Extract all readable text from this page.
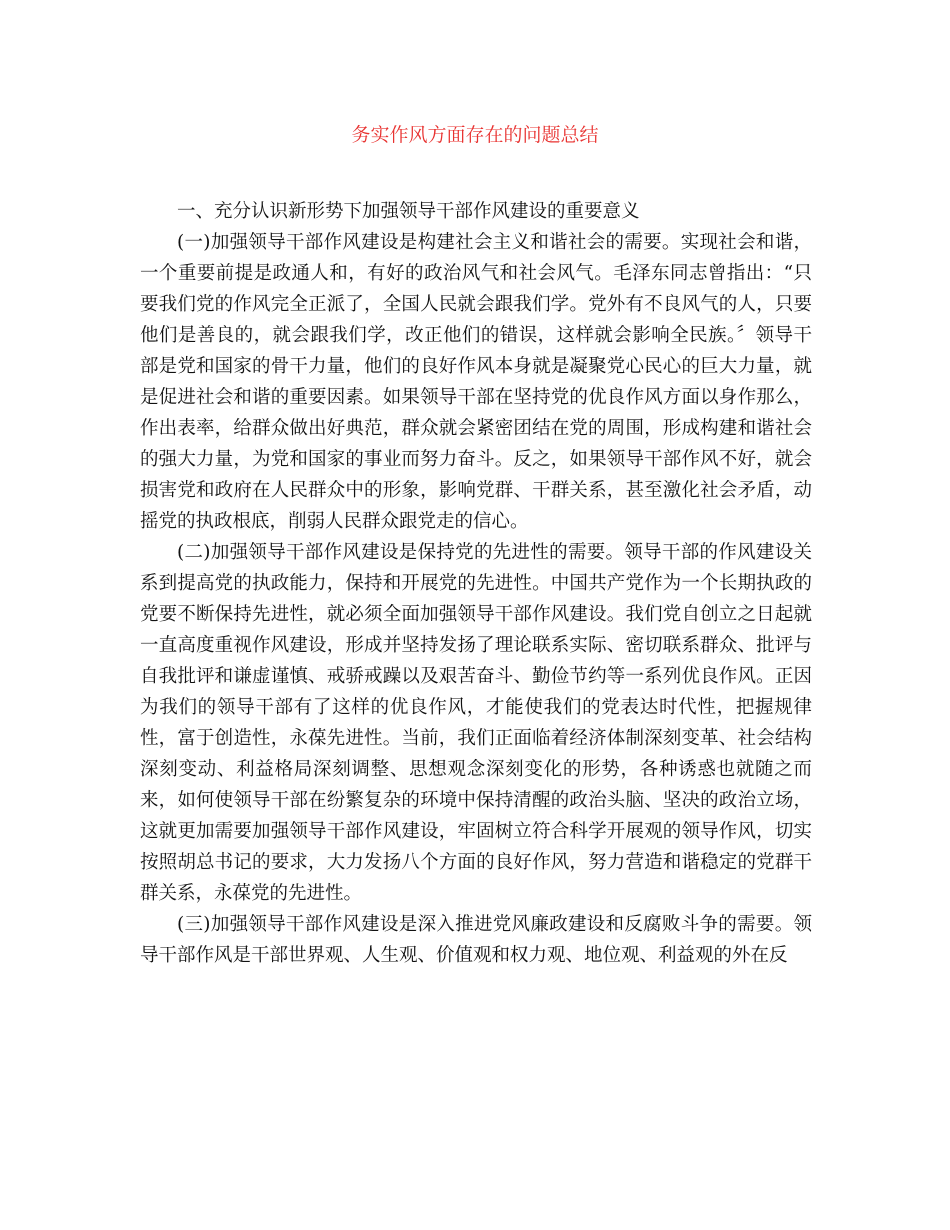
务实作风方面存在的问题总结

一、充分认识新形势下加强领导干部作风建设的重要意义

(一)加强领导干部作风建设是构建社会主义和谐社会的需要。实现社会和谐，一个重要前提是政通人和，有好的政治风气和社会风气。毛泽东同志曾指出：“只要我们党的作风完全正派了，全国人民就会跟我们学。党外有不良风气的人，只要他们是善良的，就会跟我们学，改正他们的错误，这样就会影响全民族。〞领导干部是党和国家的骨干力量，他们的良好作风本身就是凝聚党心民心的巨大力量，就是促进社会和谐的重要因素。如果领导干部在坚持党的优良作风方面以身作那么，作出表率，给群众做出好典范，群众就会紧密团结在党的周围，形成构建和谐社会的强大力量，为党和国家的事业而努力奋斗。反之，如果领导干部作风不好，就会损害党和政府在人民群众中的形象，影响党群、干群关系，甚至激化社会矛盾，动摇党的执政根底，削弱人民群众跟党走的信心。

(二)加强领导干部作风建设是保持党的先进性的需要。领导干部的作风建设关系到提高党的执政能力，保持和开展党的先进性。中国共产党作为一个长期执政的党要不断保持先进性，就必须全面加强领导干部作风建设。我们党自创立之日起就一直高度重视作风建设，形成并坚持发扬了理论联系实际、密切联系群众、批评与自我批评和谦虚谨慎、戒骄戒躁以及艰苦奋斗、勤俭节约等一系列优良作风。正因为我们的领导干部有了这样的优良作风，才能使我们的党表达时代性，把握规律性，富于创造性，永葆先进性。当前，我们正面临着经济体制深刻变革、社会结构深刻变动、利益格局深刻调整、思想观念深刻变化的形势，各种诱惑也就随之而来，如何使领导干部在纷繁复杂的环境中保持清醒的政治头脑、坚决的政治立场，这就更加需要加强领导干部作风建设，牢固树立符合科学开展观的领导作风，切实按照胡总书记的要求，大力发扬八个方面的良好作风，努力营造和谐稳定的党群干群关系，永葆党的先进性。

(三)加强领导干部作风建设是深入推进党风廉政建设和反腐败斗争的需要。领导干部作风是干部世界观、人生观、价值观和权力观、地位观、利益观的外在反
